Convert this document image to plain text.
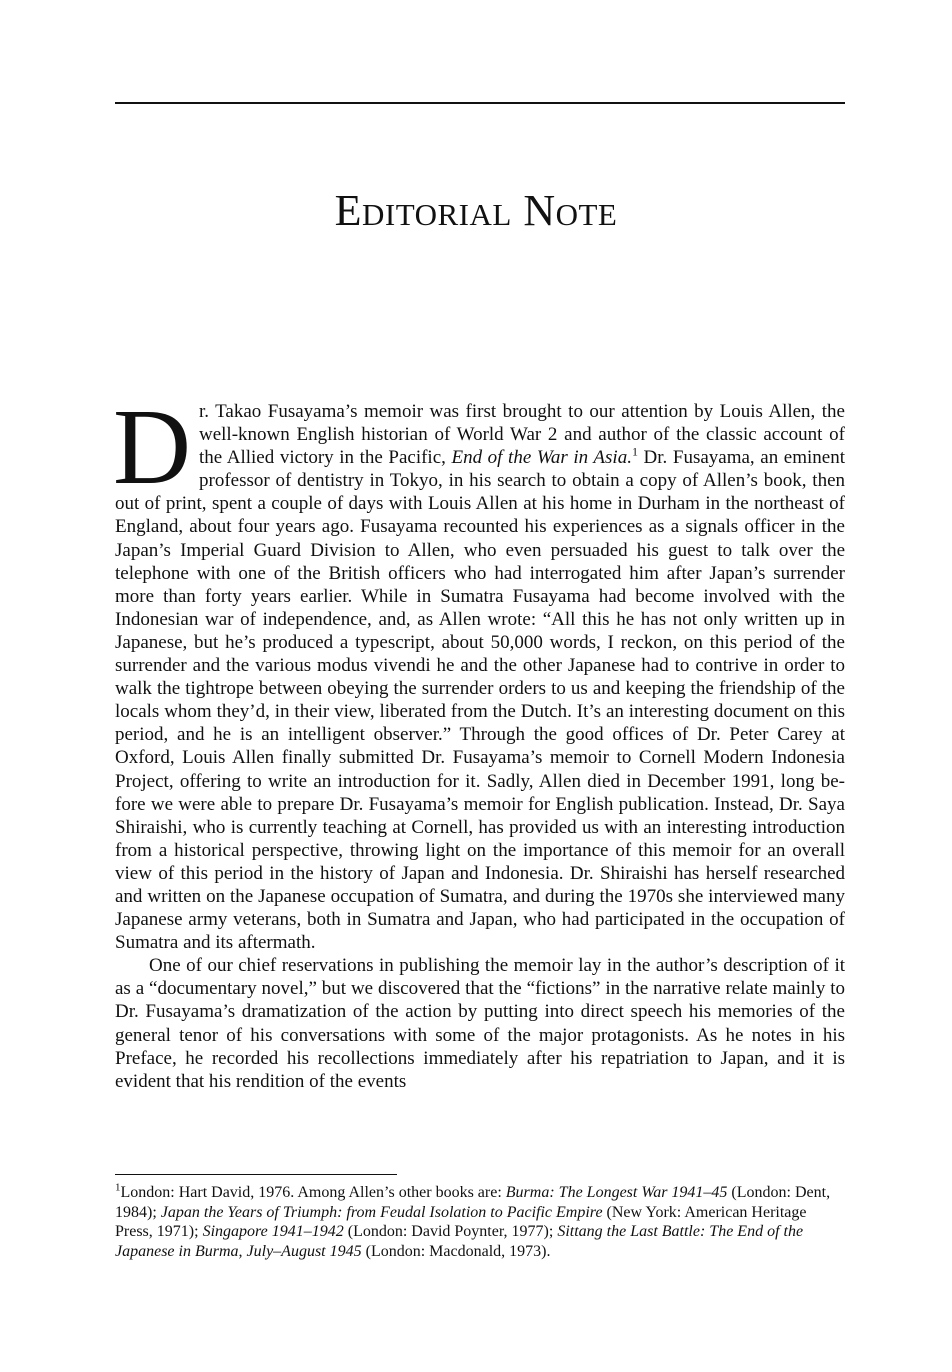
Editorial Note

Dr. Takao Fusayama’s memoir was first brought to our attention by Louis Allen, the well-known English historian of World War 2 and author of the classic account of the Allied victory in the Pacific, End of the War in Asia.$^1$ Dr. Fusayama, an eminent professor of dentistry in Tokyo, in his search to obtain a copy of Allen’s book, then out of print, spent a couple of days with Louis Allen at his home in Durham in the northeast of England, about four years ago. Fusayama recounted his experiences as a signals officer in the Japan’s Imperial Guard Division to Allen, who even persuaded his guest to talk over the telephone with one of the British officers who had interrogated him after Japan’s surrender more than forty years earlier. While in Sumatra Fusayama had become involved with the Indonesian war of independence, and, as Allen wrote: “All this he has not only written up in Japanese, but he’s produced a typescript, about 50,000 words, I reckon, on this period of the surrender and the various modus vivendi he and the other Japanese had to contrive in order to walk the tightrope between obeying the surrender orders to us and keeping the friendship of the locals whom they’d, in their view, liberated from the Dutch. It’s an interesting document on this period, and he is an intelligent observer.” Through the good offices of Dr. Peter Carey at Oxford, Louis Allen finally submitted Dr. Fusayama’s memoir to Cornell Modern Indonesia Project, offering to write an introduction for it. Sadly, Allen died in December 1991, long before we were able to prepare Dr. Fusayama’s memoir for English publication. Instead, Dr. Saya Shiraishi, who is currently teaching at Cornell, has provided us with an interesting introduction from a historical perspective, throwing light on the importance of this memoir for an overall view of this period in the history of Japan and Indonesia. Dr. Shiraishi has herself researched and written on the Japanese occupation of Sumatra, and during the 1970s she interviewed many Japanese army veterans, both in Sumatra and Japan, who had participated in the occupation of Sumatra and its aftermath.

One of our chief reservations in publishing the memoir lay in the author’s description of it as a “documentary novel,” but we discovered that the “fictions” in the narrative relate mainly to Dr. Fusayama’s dramatization of the action by putting into direct speech his memories of the general tenor of his conversations with some of the major protagonists. As he notes in his Preface, he recorded his recollections immediately after his repatriation to Japan, and it is evident that his rendition of the events

$^1$London: Hart David, 1976. Among Allen’s other books are: Burma: The Longest War 1941–45 (London: Dent, 1984); Japan the Years of Triumph: from Feudal Isolation to Pacific Empire (New York: American Heritage Press, 1971); Singapore 1941–1942 (London: David Poynter, 1977); Sittang the Last Battle: The End of the Japanese in Burma, July–August 1945 (London: Macdonald, 1973).
